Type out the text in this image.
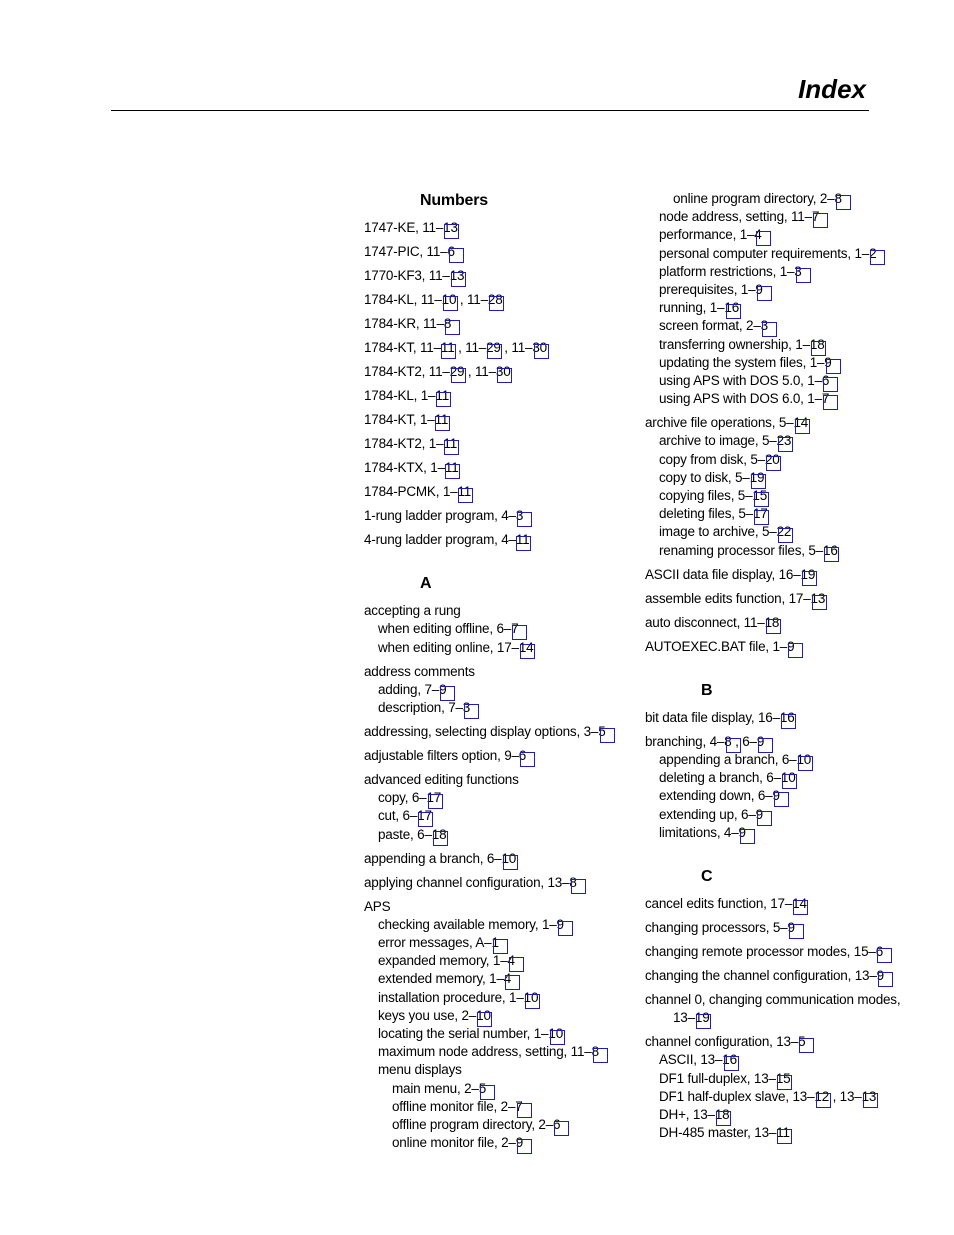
Index
Numbers
1747-KE, 11–13
1747-PIC, 11–6
1770-KF3, 11–13
1784-KL, 11–10 , 11–28
1784-KR, 11–8
1784-KT, 11–11 , 11–29 , 11–30
1784-KT2, 11–29 , 11–30
1784-KL, 1–11
1784-KT, 1–11
1784-KT2, 1–11
1784-KTX, 1–11
1784-PCMK, 1–11
1-rung ladder program, 4–3
4-rung ladder program, 4–11
A
accepting a rung
when editing offline, 6–7
when editing online, 17–14
address comments
adding, 7–9
description, 7–3
addressing, selecting display options, 3–5
adjustable filters option, 9–6
advanced editing functions
copy, 6–17
cut, 6–17
paste, 6–18
appending a branch, 6–10
applying channel configuration, 13–8
APS
checking available memory, 1–9
error messages, A–1
expanded memory, 1–4
extended memory, 1–4
installation procedure, 1–10
keys you use, 2–10
locating the serial number, 1–10
maximum node address, setting, 11–8
menu displays
main menu, 2–5
offline monitor file, 2–7
offline program directory, 2–6
online monitor file, 2–9
online program directory, 2–8
node address, setting, 11–7
performance, 1–4
personal computer requirements, 1–2
platform restrictions, 1–3
prerequisites, 1–9
running, 1–16
screen format, 2–3
transferring ownership, 1–18
updating the system files, 1–9
using APS with DOS 5.0, 1–6
using APS with DOS 6.0, 1–7
archive file operations, 5–14
archive to image, 5–23
copy from disk, 5–20
copy to disk, 5–19
copying files, 5–15
deleting files, 5–17
image to archive, 5–22
renaming processor files, 5–16
ASCII data file display, 16–19
assemble edits function, 17–13
auto disconnect, 11–18
AUTOEXEC.BAT file, 1–9
B
bit data file display, 16–16
branching, 4–8 , 6–9
appending a branch, 6–10
deleting a branch, 6–10
extending down, 6–9
extending up, 6–9
limitations, 4–9
C
cancel edits function, 17–14
changing processors, 5–9
changing remote processor modes, 15–6
changing the channel configuration, 13–9
channel 0, changing communication modes,
13–19
channel configuration, 13–5
ASCII, 13–16
DF1 full-duplex, 13–15
DF1 half-duplex slave, 13–12 , 13–13
DH+, 13–18
DH-485 master, 13–11
